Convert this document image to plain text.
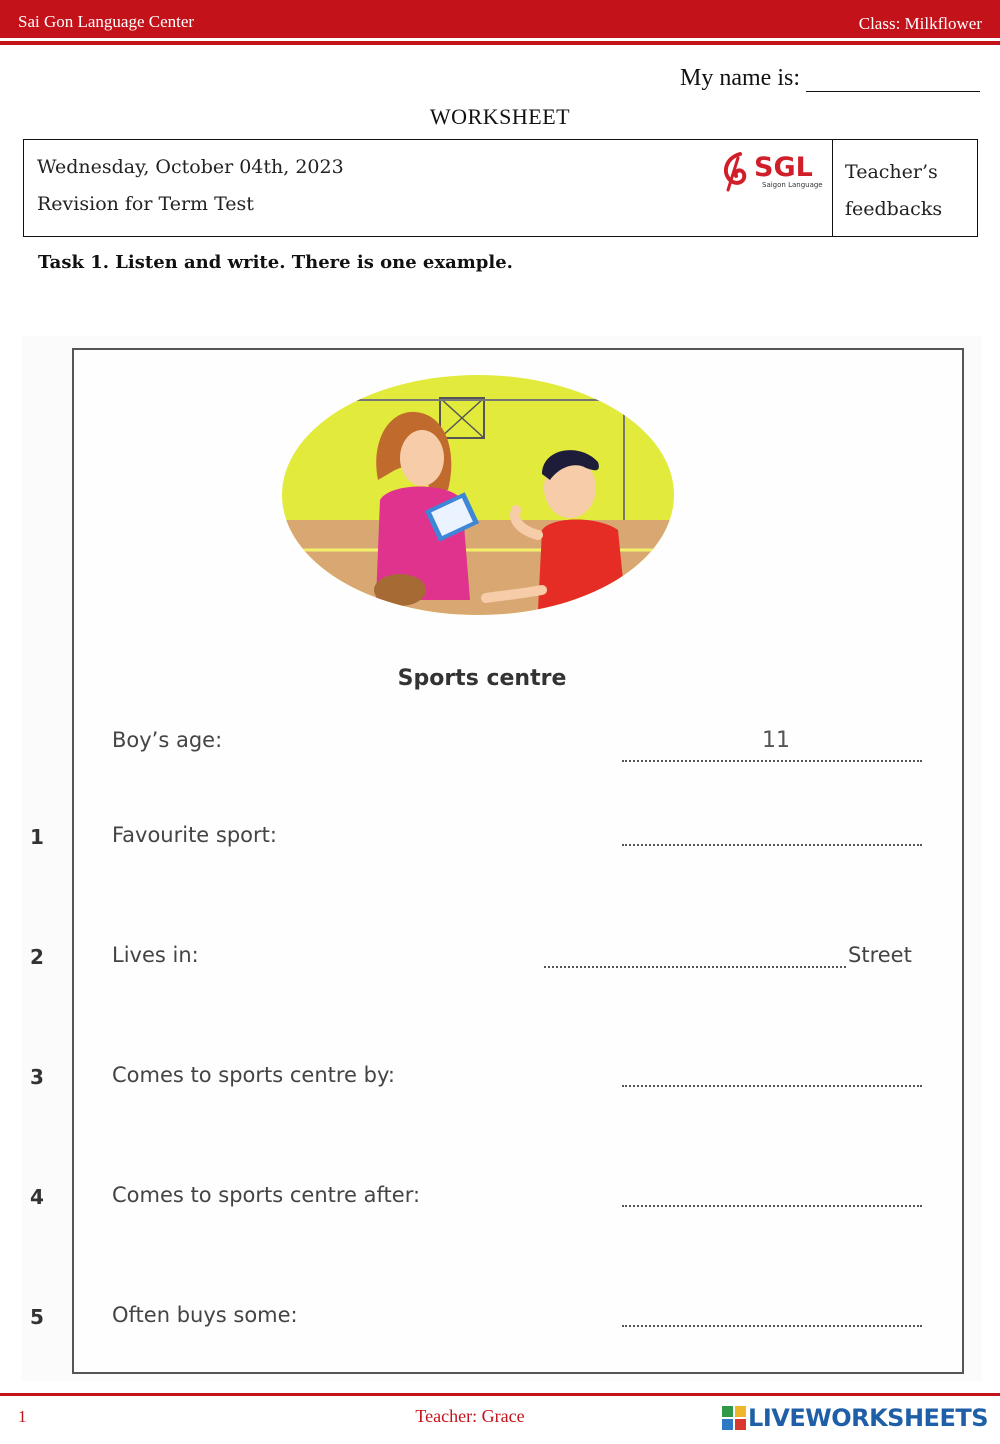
Sai Gon Language Center	Class: Milkflower
My name is:
WORKSHEET
Wednesday, October 04th, 2023
Revision for Term Test
SGL
Saigon Language
Teacher’s
feedbacks
Task 1. Listen and write. There is one example.
Sports centre
Boy’s age:	11
1	Favourite sport:
2	Lives in:	Street
3	Comes to sports centre by:
4	Comes to sports centre after:
5	Often buys some:
1	Teacher: Grace	LIVEWORKSHEETS
